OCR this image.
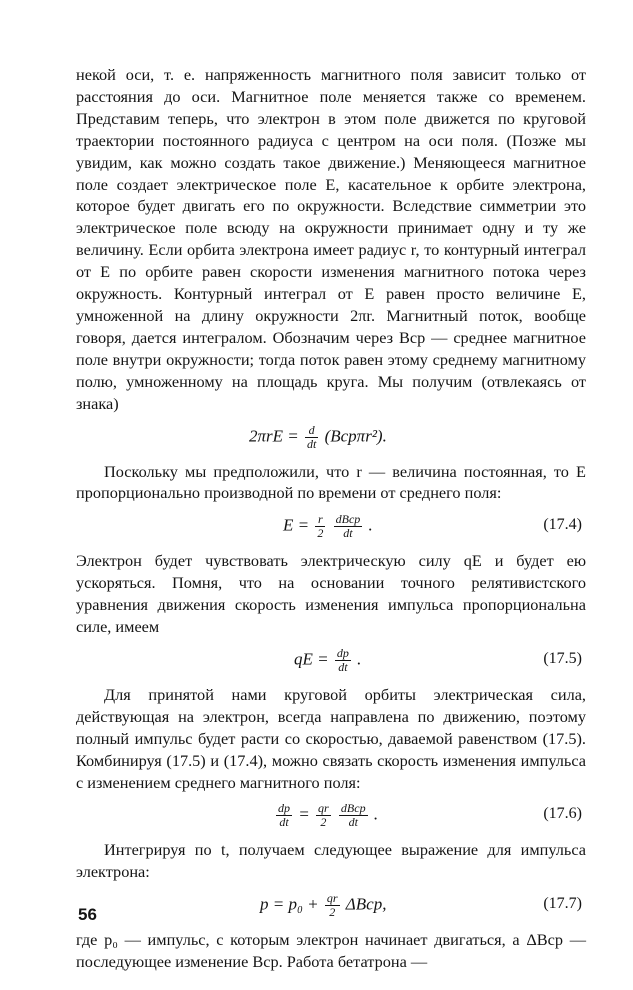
некой оси, т. е. напряженность магнитного поля зависит только от расстояния до оси. Магнитное поле меняется также со временем. Представим теперь, что электрон в этом поле движется по круговой траектории постоянного радиуса с центром на оси поля. (Позже мы увидим, как можно создать такое движение.) Меняющееся магнитное поле создает электрическое поле E, касательное к орбите электрона, которое будет двигать его по окружности. Вследствие симметрии это электрическое поле всюду на окружности принимает одну и ту же величину. Если орбита электрона имеет радиус r, то контурный интеграл от E по орбите равен скорости изменения магнитного потока через окружность. Контурный интеграл от E равен просто величине E, умноженной на длину окружности 2πr. Магнитный поток, вообще говоря, дается интегралом. Обозначим через Bср — среднее магнитное поле внутри окружности; тогда поток равен этому среднему магнитному полю, умноженному на площадь круга. Мы получим (отвлекаясь от знака)

$2\pi rE = \frac{d}{dt} (Bср\pi r^2)$.

Поскольку мы предположили, что r — величина постоянная, то E пропорционально производной по времени от среднего поля:

$E = \frac{r}{2}$
$\frac{\text{dBср}}{dt}$ .	(17.4)

Электрон будет чувствовать электрическую силу qE и будет ею ускоряться. Помня, что на основании точного релятивистского уравнения движения скорость изменения импульса пропорциональна силе, имеем

qE = $\frac{dp}{dt}$ .	(17.5)

Для принятой нами круговой орбиты электрическая сила, действующая на электрон, всегда направлена по движению, поэтому полный импульс будет расти со скоростью, даваемой равенством (17.5). Комбинируя (17.5) и (17.4), можно связать скорость изменения импульса с изменением среднего магнитного поля:

$\frac{dp}{dt} = \frac{qr}{2}$
$\frac{\text{dBср}}{dt}$ .	(17.6)

Интегрируя по t, получаем следующее выражение для импульса электрона:

$p = p_0 + \frac{qr}{2} \Delta Bср$,	(17.7)

где p₀ — импульс, с которым электрон начинает двигаться, а ΔBср — последующее изменение Bср. Работа бетатрона —

56
